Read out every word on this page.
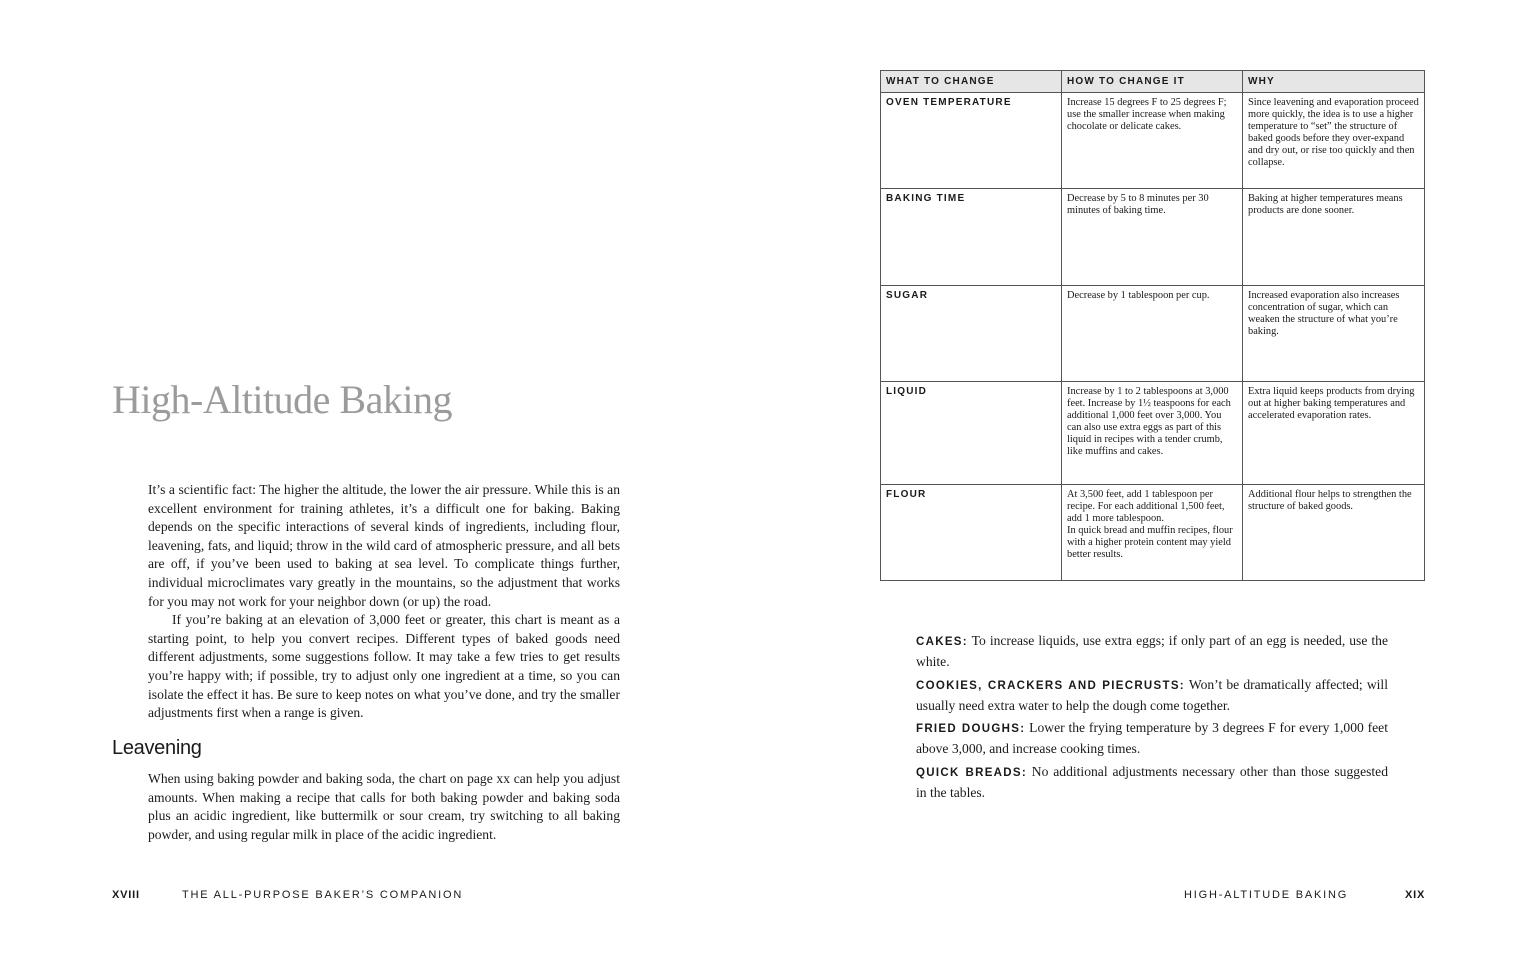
High-Altitude Baking

It’s a scientific fact: The higher the altitude, the lower the air pressure. While this is an excellent environment for training athletes, it’s a difficult one for baking. Baking depends on the specific interactions of several kinds of ingredients, including flour, leavening, fats, and liquid; throw in the wild card of atmospheric pressure, and all bets are off, if you’ve been used to baking at sea level. To complicate things further, individual microclimates vary greatly in the mountains, so the adjustment that works for you may not work for your neighbor down (or up) the road.

If you’re baking at an elevation of 3,000 feet or greater, this chart is meant as a starting point, to help you convert recipes. Different types of baked goods need different adjustments, some suggestions follow. It may take a few tries to get results you’re happy with; if possible, try to adjust only one ingredient at a time, so you can isolate the effect it has. Be sure to keep notes on what you’ve done, and try the smaller adjustments first when a range is given.

Leavening

When using baking powder and baking soda, the chart on page xx can help you adjust amounts. When making a recipe that calls for both baking powder and baking soda plus an acidic ingredient, like buttermilk or sour cream, try switching to all baking powder, and using regular milk in place of the acidic ingredient.

XVIII	THE ALL-PURPOSE BAKER’S COMPANION
WHAT TO CHANGE	HOW TO CHANGE IT	WHY
OVEN TEMPERATURE	Increase 15 degrees F to 25 degrees F; use the smaller increase when making chocolate or delicate cakes.	Since leavening and evaporation proceed more quickly, the idea is to use a higher temperature to “set” the structure of baked goods before they over-expand and dry out, or rise too quickly and then collapse.
BAKING TIME	Decrease by 5 to 8 minutes per 30 minutes of baking time.	Baking at higher temperatures means products are done sooner.
SUGAR	Decrease by 1 tablespoon per cup.	Increased evaporation also increases concentration of sugar, which can weaken the structure of what you’re baking.
LIQUID	Increase by 1 to 2 tablespoons at 3,000 feet. Increase by 1½ teaspoons for each additional 1,000 feet over 3,000. You can also use extra eggs as part of this liquid in recipes with a tender crumb, like muffins and cakes.	Extra liquid keeps products from drying out at higher baking temperatures and accelerated evaporation rates.
FLOUR	At 3,500 feet, add 1 tablespoon per recipe. For each additional 1,500 feet, add 1 more tablespoon.
In quick bread and muffin recipes, flour with a higher protein content may yield better results.	Additional flour helps to strengthen the structure of baked goods.

CAKES: To increase liquids, use extra eggs; if only part of an egg is needed, use the white.

COOKIES, CRACKERS AND PIECRUSTS: Won’t be dramatically affected; will usually need extra water to help the dough come together.

FRIED DOUGHS: Lower the frying temperature by 3 degrees F for every 1,000 feet above 3,000, and increase cooking times.

QUICK BREADS: No additional adjustments necessary other than those suggested in the tables.

HIGH-ALTITUDE BAKING	XIX
